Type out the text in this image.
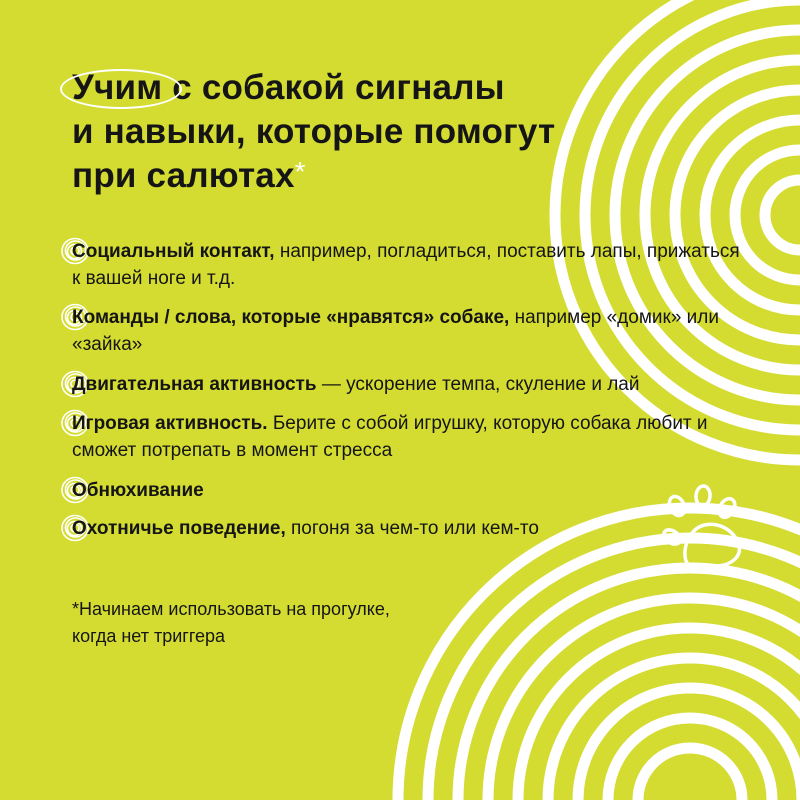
Учим с собакой сигналы
и навыки, которые помогут
при салютах*
Социальный контакт, например, погладиться, поставить лапы, прижаться к вашей ноге и т.д.
Команды / слова, которые «нравятся» собаке, например «домик» или «зайка»
Двигательная активность — ускорение темпа, скуление и лай
Игровая активность. Берите с собой игрушку, которую собака любит и сможет потрепать в момент стресса
Обнюхивание
Охотничье поведение, погоня за чем-то или кем-то
*Начинаем использовать на прогулке,
когда нет триггера
